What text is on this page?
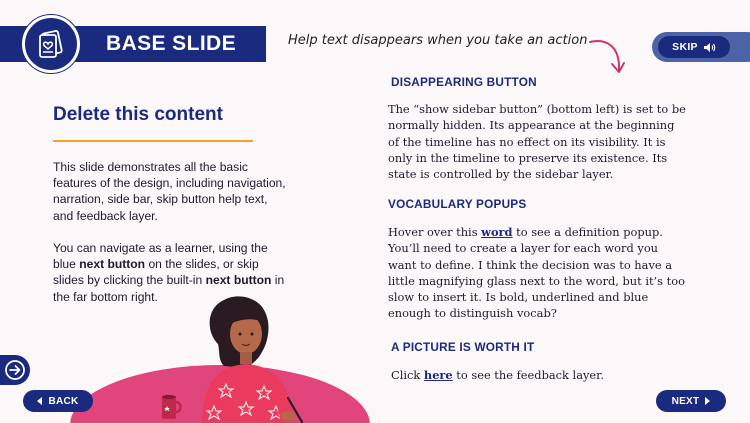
BASE SLIDE	Help text disappears when you take an action	SKIP
Delete this content

This slide demonstrates all the basic features of the design, including navigation, narration, side bar, skip button help text, and feedback layer.

You can navigate as a learner, using the blue next button on the slides, or skip slides by clicking the built-in next button in the far bottom right.

DISAPPEARING BUTTON

The “show sidebar button” (bottom left) is set to be normally hidden. Its appearance at the beginning of the timeline has no effect on its visibility. It is only in the timeline to preserve its existence. Its state is controlled by the sidebar layer.

VOCABULARY POPUPS

Hover over this word to see a definition popup. You’ll need to create a layer for each word you want to define. I think the decision was to have a little magnifying glass next to the word, but it’s too slow to insert it. Is bold, underlined and blue enough to distinguish vocab?

A PICTURE IS WORTH IT

Click here to see the feedback layer.

BACK	NEXT
